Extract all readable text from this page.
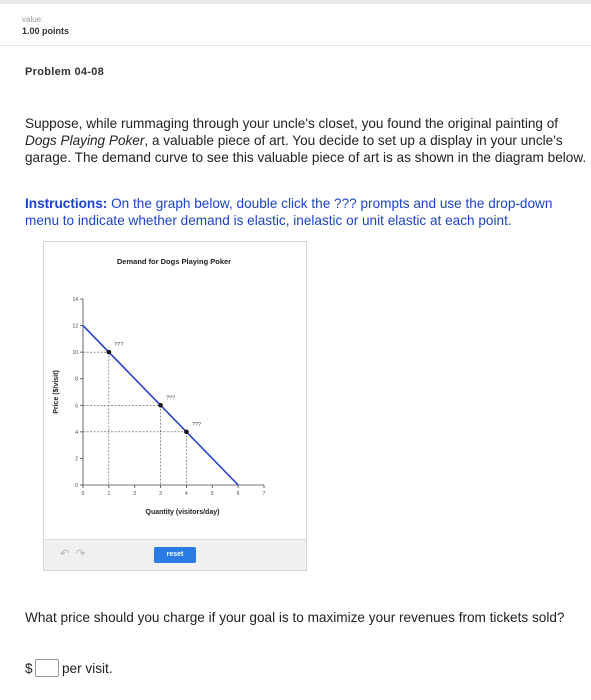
value:
1.00 points
Problem 04-08
Suppose, while rummaging through your uncle's closet, you found the original painting of Dogs Playing Poker, a valuable piece of art. You decide to set up a display in your uncle's garage. The demand curve to see this valuable piece of art is as shown in the diagram below.
Instructions: On the graph below, double click the ??? prompts and use the drop-down menu to indicate whether demand is elastic, inelastic or unit elastic at each point.
Demand for Dogs Playing Poker
0
2
4
6
8
10
12
14
0	1	2	3	4	5	6	7
???
???
???
Price ($/visit)
Quantity (visitors/day)
↶ ↷	reset
What price should you charge if your goal is to maximize your revenues from tickets sold?
$ per visit.
